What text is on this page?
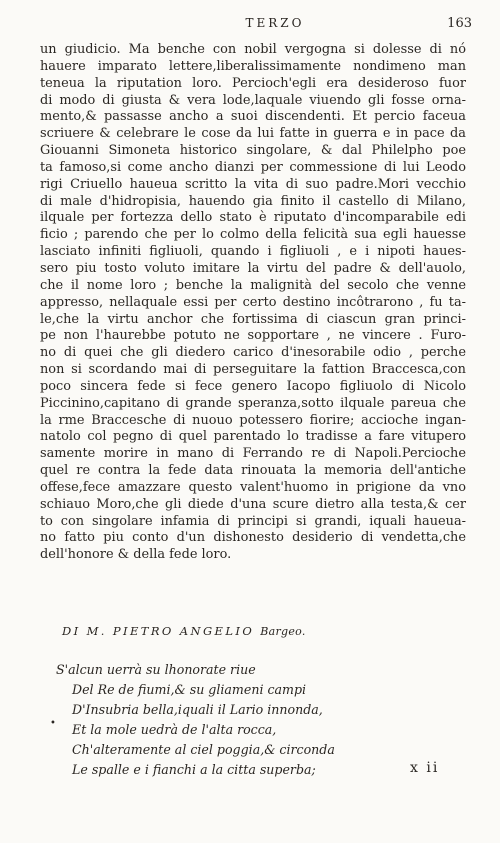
TERZO	163
un giudicio. Ma benche con nobil vergogna si dolesse di nó
hauere imparato lettere,liberalissimamente nondimeno man
teneua la riputation loro. Percioch'egli era desideroso fuor
di modo di giusta & vera lode,laquale viuendo gli fosse orna-
mento,& passasse ancho a suoi discendenti. Et percio faceua
scriuere & celebrare le cose da lui fatte in guerra e in pace da
Giouanni Simoneta historico singolare, & dal Philelpho poe
ta famoso,si come ancho dianzi per commessione di lui Leodo
rigi Criuello haueua scritto la vita di suo padre.Mori vecchio
di male d'hidropisia, hauendo gia finito il castello di Milano,
ilquale per fortezza dello stato è riputato d'incomparabile edi
ficio ; parendo che per lo colmo della felicità sua egli hauesse
lasciato infiniti figliuoli, quando i figliuoli , e i nipoti haues-
sero piu tosto voluto imitare la virtu del padre & dell'auolo,
che il nome loro ; benche la malignità del secolo che venne
appresso, nellaquale essi per certo destino incôtrarono , fu ta-
le,che la virtu anchor che fortissima di ciascun gran princi-
pe non l'haurebbe potuto ne sopportare , ne vincere . Furo-
no di quei che gli diedero carico d'inesorabile odio , perche
non si scordando mai di perseguitare la fattion Braccesca,con
poco sincera fede si fece genero Iacopo figliuolo di Nicolo
Piccinino,capitano di grande speranza,sotto ilquale pareua che
la rme Braccesche di nuouo potessero fiorire; accioche ingan-
natolo col pegno di quel parentado lo tradisse a fare vitupero
samente morire in mano di Ferrando re di Napoli.Percioche
quel re contra la fede data rinouata la memoria dell'antiche
offese,fece amazzare questo valent'huomo in prigione da vno
schiauo Moro,che gli diede d'una scure dietro alla testa,& cer
to con singolare infamia di principi si grandi, iquali haueua-
no fatto piu conto d'un dishonesto desiderio di vendetta,che
dell'honore & della fede loro.
DI M. PIETRO ANGELIO Bargeo.
•
S'alcun uerrà su lhonorate riue
Del Re de fiumi,& su gliameni campi
D'Insubria bella,iquali il Lario innonda,
Et la mole uedrà de l'alta rocca,
Ch'alteramente al ciel poggia,& circonda
Le spalle e i fianchi a la citta superba;	x ii
